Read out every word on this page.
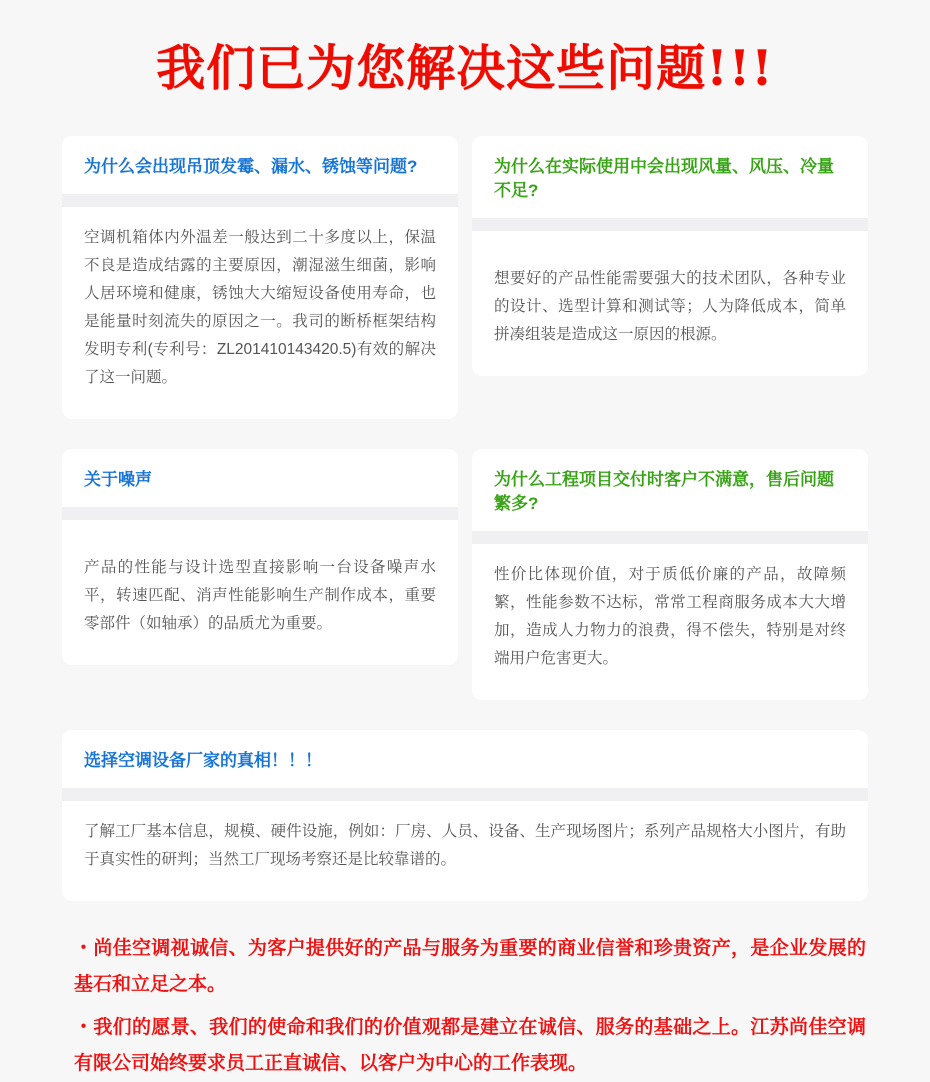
我们已为您解决这些问题!!!
为什么会出现吊顶发霉、漏水、锈蚀等问题?
空调机箱体内外温差一般达到二十多度以上，保温不良是造成结露的主要原因，潮湿滋生细菌，影响人居环境和健康，锈蚀大大缩短设备使用寿命，也是能量时刻流失的原因之一。我司的断桥框架结构发明专利(专利号：ZL201410143420.5)有效的解决了这一问题。
为什么在实际使用中会出现风量、风压、冷量不足?
想要好的产品性能需要强大的技术团队，各种专业的设计、选型计算和测试等；人为降低成本，简单拼凑组装是造成这一原因的根源。
关于噪声
产品的性能与设计选型直接影响一台设备噪声水平，转速匹配、消声性能影响生产制作成本，重要零部件（如轴承）的品质尤为重要。
为什么工程项目交付时客户不满意，售后问题繁多?
性价比体现价值，对于质低价廉的产品，故障频繁，性能参数不达标，常常工程商服务成本大大增加，造成人力物力的浪费，得不偿失，特别是对终端用户危害更大。
选择空调设备厂家的真相！！！
了解工厂基本信息，规模、硬件设施，例如：厂房、人员、设备、生产现场图片；系列产品规格大小图片，有助于真实性的研判；当然工厂现场考察还是比较靠谱的。

・尚佳空调视诚信、为客户提供好的产品与服务为重要的商业信誉和珍贵资产，是企业发展的基石和立足之本。

・我们的愿景、我们的使命和我们的价值观都是建立在诚信、服务的基础之上。江苏尚佳空调有限公司始终要求员工正直诚信、以客户为中心的工作表现。
